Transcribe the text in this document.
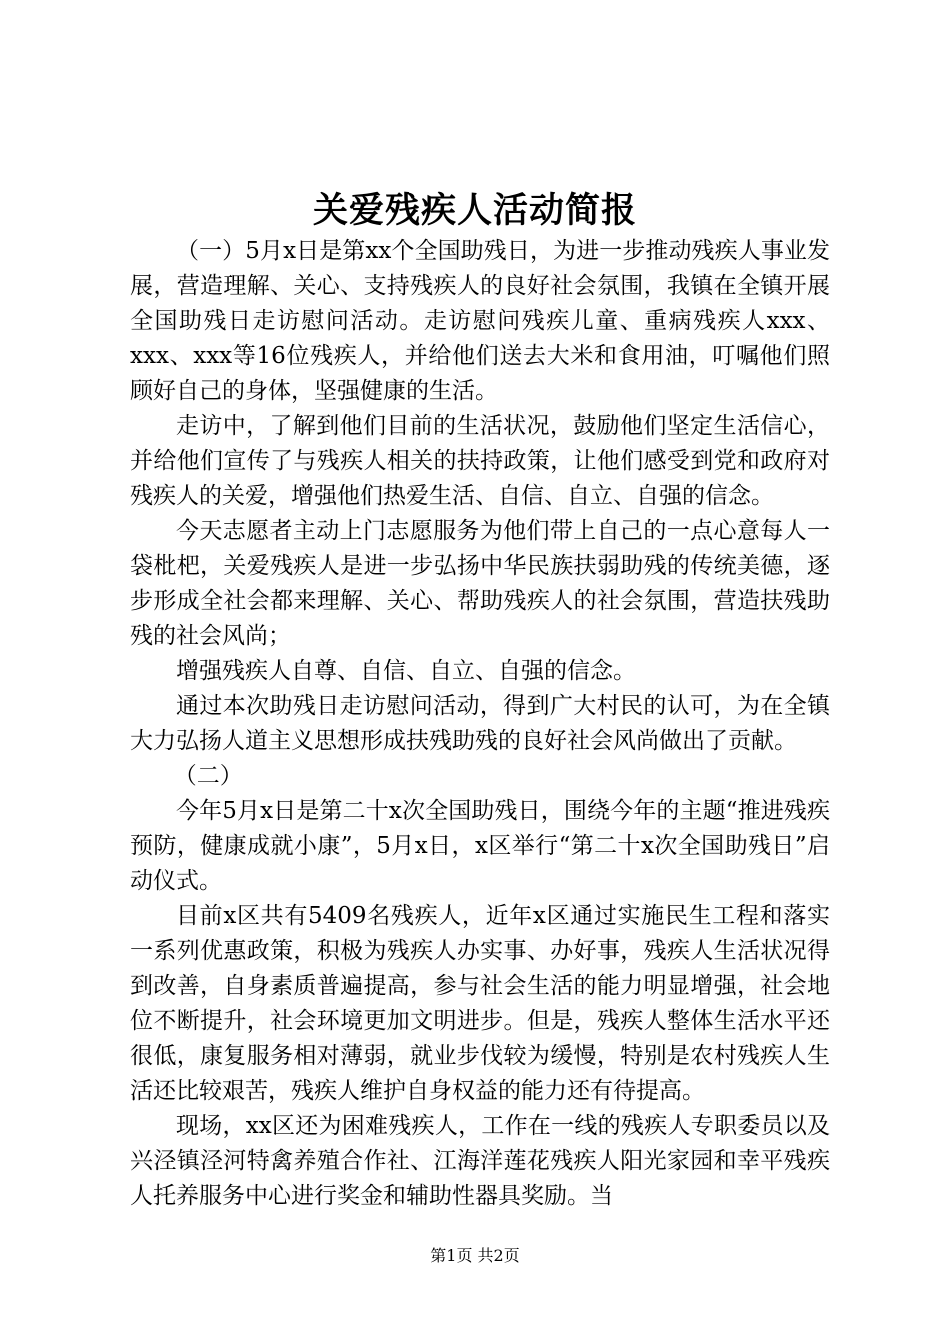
关爱残疾人活动简报

（一）5月x日是第xx个全国助残日，为进一步推动残疾人事业发展，营造理解、关心、支持残疾人的良好社会氛围，我镇在全镇开展全国助残日走访慰问活动。走访慰问残疾儿童、重病残疾人xxx、xxx、xxx等16位残疾人，并给他们送去大米和食用油，叮嘱他们照顾好自己的身体，坚强健康的生活。

走访中，了解到他们目前的生活状况，鼓励他们坚定生活信心，并给他们宣传了与残疾人相关的扶持政策，让他们感受到党和政府对残疾人的关爱，增强他们热爱生活、自信、自立、自强的信念。

今天志愿者主动上门志愿服务为他们带上自己的一点心意每人一袋枇杷，关爱残疾人是进一步弘扬中华民族扶弱助残的传统美德，逐步形成全社会都来理解、关心、帮助残疾人的社会氛围，营造扶残助残的社会风尚；

增强残疾人自尊、自信、自立、自强的信念。

通过本次助残日走访慰问活动，得到广大村民的认可，为在全镇大力弘扬人道主义思想形成扶残助残的良好社会风尚做出了贡献。

（二）

今年5月x日是第二十x次全国助残日，围绕今年的主题“推进残疾预防，健康成就小康”，5月x日，x区举行“第二十x次全国助残日”启动仪式。

目前x区共有5409名残疾人，近年x区通过实施民生工程和落实一系列优惠政策，积极为残疾人办实事、办好事，残疾人生活状况得到改善，自身素质普遍提高，参与社会生活的能力明显增强，社会地位不断提升，社会环境更加文明进步。但是，残疾人整体生活水平还很低，康复服务相对薄弱，就业步伐较为缓慢，特别是农村残疾人生活还比较艰苦，残疾人维护自身权益的能力还有待提高。

现场，xx区还为困难残疾人，工作在一线的残疾人专职委员以及兴泾镇泾河特禽养殖合作社、江海洋莲花残疾人阳光家园和幸平残疾人托养服务中心进行奖金和辅助性器具奖励。当

第1页 共2页
